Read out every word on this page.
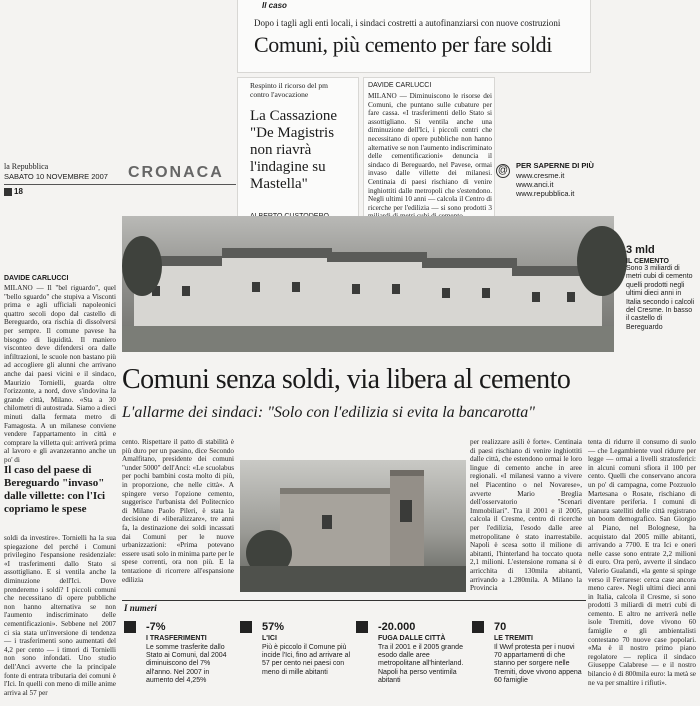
Il caso
Dopo i tagli agli enti locali, i sindaci costretti a autofinanziarsi con nuove costruzioni
Comuni, più cemento per fare soldi
Respinto il ricorso del pm contro l'avocazione
La Cassazione "De Magistris non riavrà l'indagine su Mastella"
DAVIDE CARLUCCI
MILANO — Diminuiscono le risorse dei Comuni, che puntano sulle cubature per fare cassa. «I trasferimenti dello Stato si assottigliano. Si ventila anche una diminuzione dell'Ici, i piccoli centri che necessitano di opere pubbliche non hanno alternative se non l'aumento indiscriminato delle cementificazioni» denuncia il sindaco di Bereguardo, nel Pavese, ormai invaso dalle villette dei milanesi. Centinaia di paesi rischiano di venire inghiottiti dalle metropoli che s'estendono. Negli ultimi 10 anni — calcola il Centro di ricerche per l'edilizia — si sono prodotti 3
la Repubblica
SABATO 10 NOVEMBRE 2007
18
CRONACA	@ PER SAPERNE DI PIÙ
www.cresme.it
www.anci.it
www.repubblica.it
3 mld
IL CEMENTO
Sono 3 miliardi di metri cubi di cemento quelli prodotti negli ultimi dieci anni in Italia secondo i calcoli del Cresme. In basso il castello di Bereguardo
DAVIDE CARLUCCI
MILANO — Il "bel riguardo", quel "bello sguardo" che stupiva a Visconti prima e agli ufficiali napoleonici quattro secoli dopo dal castello di Bereguardo, ora rischia di dissolversi per sempre. Il comune pavese ha bisogno di liquidità. Il maniero visconteo deve difendersi ora dalle infiltrazioni, le scuole non bastano più ad accogliere gli alunni che arrivano anche dai paesi vicini e il sindaco, Maurizio Tornielli, guarda oltre l'orizzonte, a nord, dove s'indovina la grande città, Milano. «Sta a 30 chilometri di autostrada. Siamo a dieci minuti dalla fermata metro di Famagosta. A un milanese conviene vendere l'appartamento in città e comprare la villetta qui: arriverà prima al lavoro e gli avanzeranno anche un po' di
Comuni senza soldi, via libera al cemento
L'allarme dei sindaci: "Solo con l'edilizia si evita la bancarotta"
Il caso del paese di Bereguardo "invaso" dalle villette: con l'Ici copriamo le spese
soldi da investire». Tornielli ha la sua spiegazione del perché i Comuni privilegino l'espansione residenziale: «I trasferimenti dallo Stato si assottigliano. E si ventila anche la diminuzione dell'Ici. Dove prenderemo i soldi? I piccoli comuni che necessitano di opere pubbliche non hanno alternativa se non l'aumento indiscriminato delle cementificazioni». Sebbene nel 2007 ci sia stata un'inversione di tendenza — i trasferimenti sono aumentati del 4,2 per cento — i timori di Tornielli non sono infondati. Uno studio dell'Anci avverte che la principale fonte di entrata tributaria dei comuni è l'Ici. In quelli con meno di mille anime arriva al 57 per
cento. Rispettare il patto di stabilità è più duro per un paesino, dice Secondo Amalfitano, presidente dei comuni "under 5000" dell'Anci: «Le scuolabus per pochi bambini costa molto di più, in proporzione, che nelle città». A spingere verso l'opzione cemento, suggerisce l'urbanista del Politecnico di Milano Paolo Pileri, è stata la decisione di «liberalizzare», tre anni fa, la destinazione dei soldi incassati dai Comuni per le nuove urbanizzazioni: «Prima potevano essere usati solo in minima parte per le spese correnti, ora non più. E la tentazione di ricorrere all'espansione edilizia
per realizzare asili è forte». Centinaia di paesi rischiano di venire inghiottiti dalle città, che estendono ormai le loro lingue di cemento anche in aree regionali. «I milanesi vanno a vivere nel Piacentino o nel Novarese», avverte Mario Breglia dell'osservatorio "Scenari Immobiliari". Tra il 2001 e il 2005, calcola il Cresme, centro di ricerche per l'edilizia, l'esodo dalle aree metropolitane è stato inarrestabile. Napoli è scesa sotto il milione di abitanti, l'hinterland ha toccato quota 2,1 milioni. L'estensione romana si è arricchita di 130mila abitanti, arrivando a 1.280mila. A Milano la Provincia
tenta di ridurre il consumo di suolo — che Legambiente vuol ridurre per legge — ormai a livelli stratosferici: in alcuni comuni sfiora il 100 per cento. Quelli che conservano ancora un po' di campagna, come Pozzuolo Martesana o Rosate, rischiano di diventare periferia. I comuni di pianura satelliti delle città registrano un boom demografico. San Giorgio al Piano, nel Bolognese, ha acquistato dal 2005 mille abitanti, arrivando a 7700. E tra Ici e oneri nelle casse sono entrate 2,2 milioni di euro. Ora però, avverte il sindaco Valerio Gualandi, «la gente si spinge verso il Ferrarese: cerca case ancora meno care». Negli ultimi dieci anni in Italia, calcola il Cresme, si sono prodotti 3 miliardi di metri cubi di cemento. E altro ne arriverà nelle isole Tremiti, dove vivono 60 famiglie e gli ambientalisti contestano 70 nuove case popolari. «Ma è il nostro primo piano regolatore — replica il sindaco Giuseppe Calabrese — e il nostro bilancio è di 800mila euro: la metà se ne va per smaltire i rifiuti».
I numeri
-7%
I TRASFERIMENTI
Le somme trasferite dallo Stato ai Comuni, dal 2004 diminuiscono del 7% all'anno. Nel 2007 in aumento del 4,25%
57%
L'ICI
Più è piccolo il Comune più incide l'Ici, fino ad arrivare al 57 per cento nei paesi con meno di mille abitanti
-20.000
FUGA DALLE CITTÀ
Tra il 2001 e il 2005 grande esodo dalle aree metropolitane all'hinterland. Napoli ha perso ventimila abitanti
70
LE TREMITI
Il Wwf protesta per i nuovi 70 appartamenti di che stanno per sorgere nelle Tremiti, dove vivono appena 60 famiglie
